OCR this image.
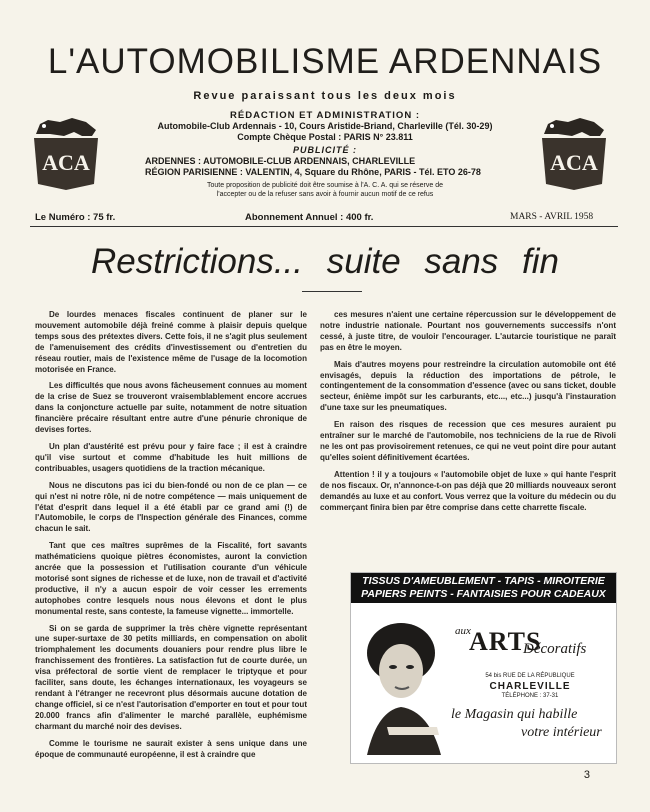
L'AUTOMOBILISME ARDENNAIS
Revue paraissant tous les deux mois
ACA	ACA
RÉDACTION ET ADMINISTRATION :
Automobile-Club Ardennais - 10, Cours Aristide-Briand, Charleville (Tél. 30-29)
Compte Chèque Postal : PARIS N° 23.811
PUBLICITÉ :
ARDENNES : AUTOMOBILE-CLUB ARDENNAIS, CHARLEVILLE
RÉGION PARISIENNE : VALENTIN, 4, Square du Rhône, PARIS - Tél. ETO 26-78
Toute proposition de publicité doit être soumise à l'A. C. A. qui se réserve de
l'accepter ou de la refuser sans avoir à fournir aucun motif de ce refus
Le Numéro : 75 fr.	Abonnement Annuel : 400 fr.	MARS - AVRIL 1958
Restrictions... suite sans fin

De lourdes menaces fiscales continuent de planer sur le mouvement automobile déjà freiné comme à plaisir depuis quelque temps sous des prétextes divers. Cette fois, il ne s'agit plus seulement de l'amenuisement des crédits d'investissement ou d'entretien du réseau routier, mais de l'existence même de l'usage de la locomotion motorisée en France.

Les difficultés que nous avons fâcheusement connues au moment de la crise de Suez se trouveront vraisemblablement encore accrues dans la conjoncture actuelle par suite, notamment de notre situation financière précaire résultant entre autre d'une pénurie chronique de devises fortes.

Un plan d'austérité est prévu pour y faire face ; il est à craindre qu'il vise surtout et comme d'habitude les huit millions de contribuables, usagers quotidiens de la traction mécanique.

Nous ne discutons pas ici du bien-fondé ou non de ce plan — ce qui n'est ni notre rôle, ni de notre compétence — mais uniquement de l'état d'esprit dans lequel il a été établi par ce grand ami (!) de l'Automobile, le corps de l'Inspection générale des Finances, comme chacun le sait.

Tant que ces maîtres suprêmes de la Fiscalité, fort savants mathématiciens quoique piètres économistes, auront la conviction ancrée que la possession et l'utilisation courante d'un véhicule motorisé sont signes de richesse et de luxe, non de travail et d'activité productive, il n'y a aucun espoir de voir cesser les errements autophobes contre lesquels nous nous élevons et dont le plus monumental reste, sans conteste, la fameuse vignette... immortelle.

Si on se garda de supprimer la très chère vignette représentant une super-surtaxe de 30 petits milliards, en compensation on abolit triomphalement les documents douaniers pour rendre plus libre le franchissement des frontières. La satisfaction fut de courte durée, un visa préfectoral de sortie vient de remplacer le triptyque et pour faciliter, sans doute, les échanges internationaux, les voyageurs se rendant à l'étranger ne recevront plus désormais aucune dotation de change officiel, si ce n'est l'autorisation d'emporter en tout et pour tout 20.000 francs afin d'alimenter le marché parallèle, euphémisme charmant du marché noir des devises.

Comme le tourisme ne saurait exister à sens unique dans une époque de communauté européenne, il est à craindre que

ces mesures n'aient une certaine répercussion sur le développement de notre industrie nationale. Pourtant nos gouvernements successifs n'ont cessé, à juste titre, de vouloir l'encourager. L'autarcie touristique ne paraît pas en être le moyen.

Mais d'autres moyens pour restreindre la circulation automobile ont été envisagés, depuis la réduction des importations de pétrole, le contingentement de la consommation d'essence (avec ou sans ticket, double secteur, énième impôt sur les carburants, etc..., etc...) jusqu'à l'instauration d'une taxe sur les pneumatiques.

En raison des risques de recession que ces mesures auraient pu entraîner sur le marché de l'automobile, nos techniciens de la rue de Rivoli ne les ont pas provisoirement retenues, ce qui ne veut point dire pour autant qu'elles soient définitivement écartées.

Attention ! il y a toujours « l'automobile objet de luxe » qui hante l'esprit de nos fiscaux. Or, n'annonce-t-on pas déjà que 20 milliards nouveaux seront demandés au luxe et au confort. Vous verrez que la voiture du médecin ou du commerçant finira bien par être comprise dans cette charrette fiscale.

TISSUS D'AMEUBLEMENT - TAPIS - MIROITERIE
PAPIERS PEINTS - FANTAISIES POUR CADEAUX
aux
ARTS
Décoratifs
54 bis RUE DE LA RÉPUBLIQUE
CHARLEVILLE
TÉLÉPHONE : 37-31
le Magasin qui habille
votre intérieur
3
